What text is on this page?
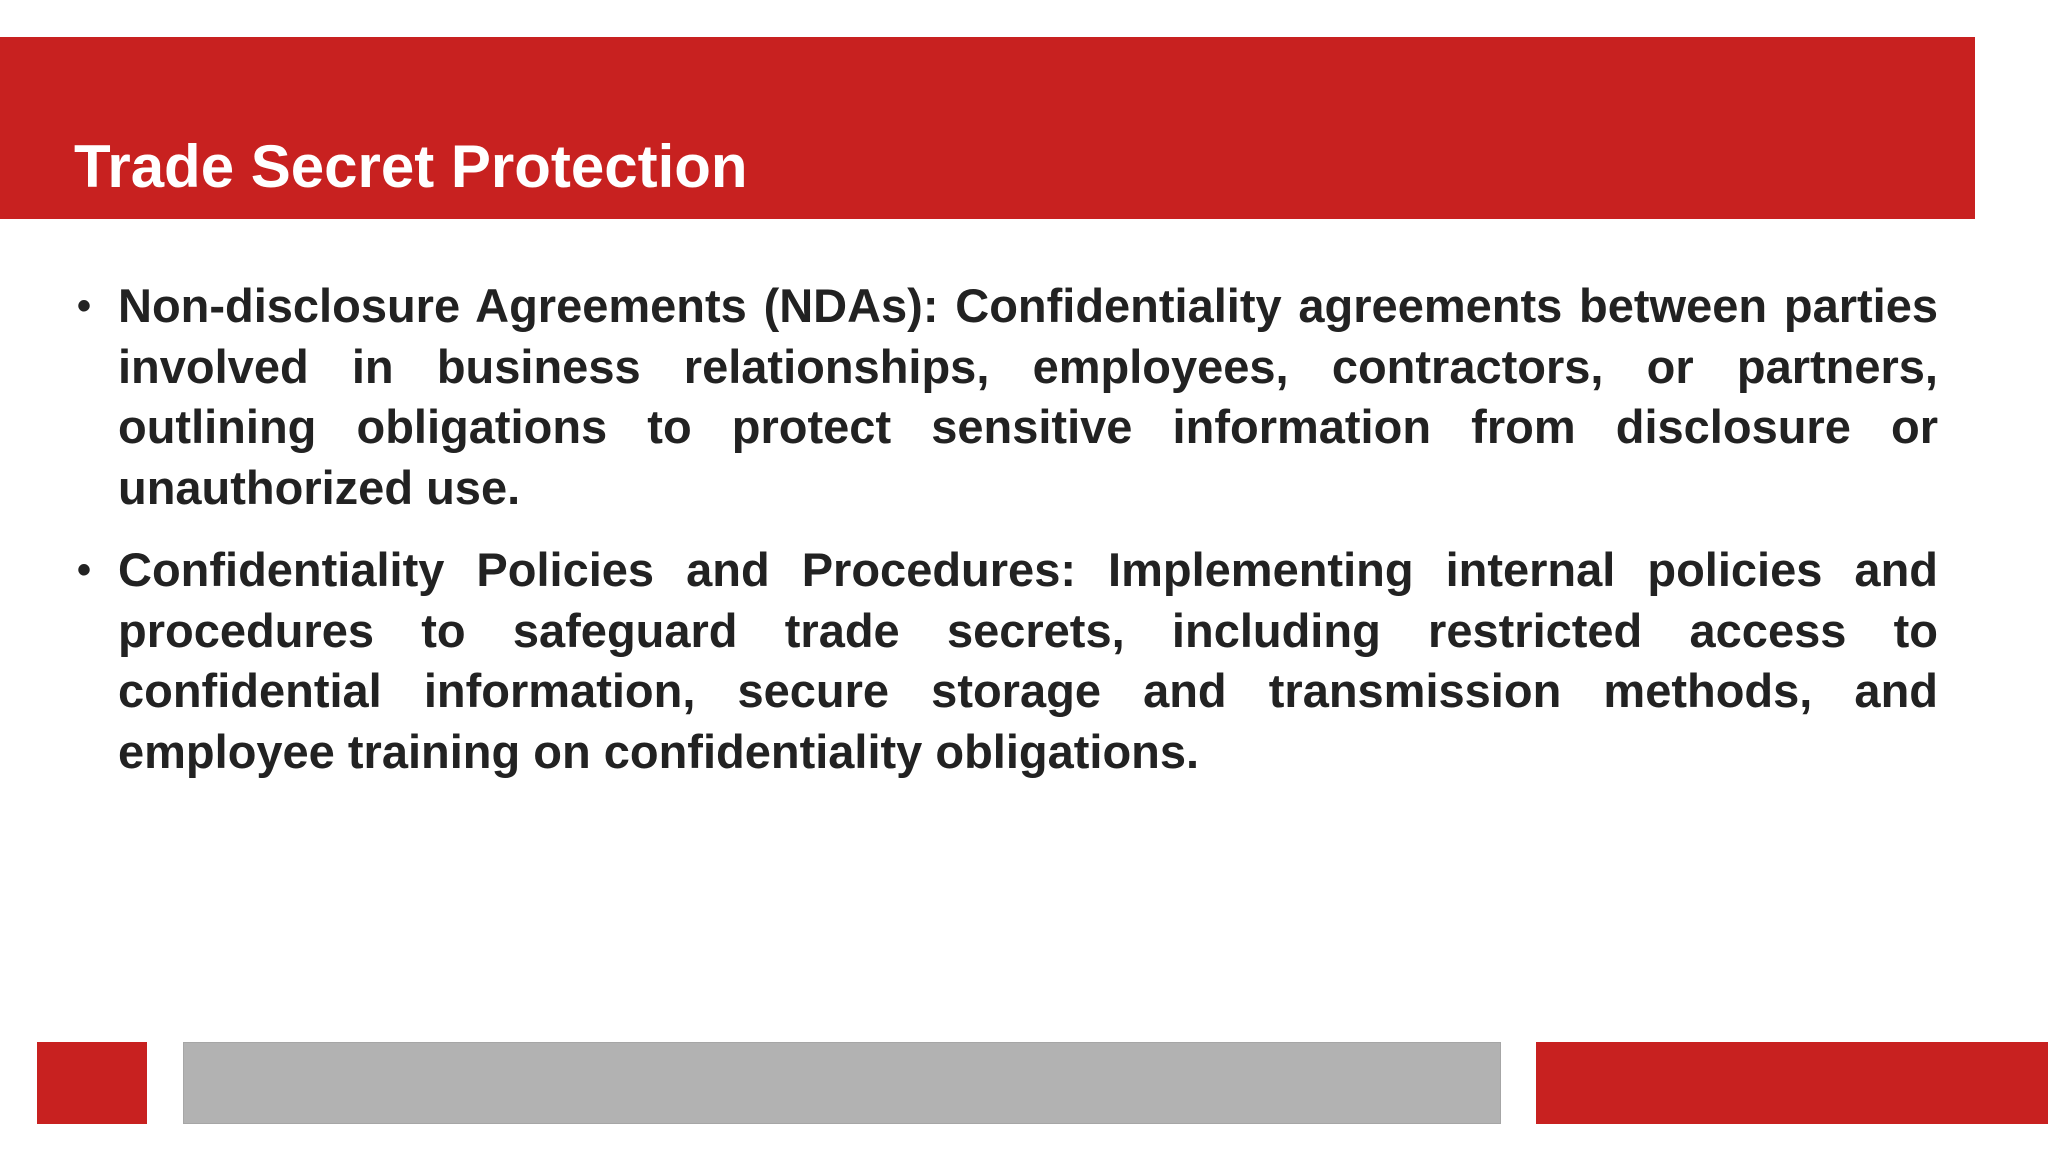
Trade Secret Protection
• Non-disclosure Agreements (NDAs): Confidentiality agreements between parties involved in business relationships, employees, contractors, or partners, outlining obligations to protect sensitive information from disclosure or unauthorized use.
• Confidentiality Policies and Procedures: Implementing internal policies and procedures to safeguard trade secrets, including restricted access to confidential information, secure storage and transmission methods, and employee training on confidentiality obligations.
